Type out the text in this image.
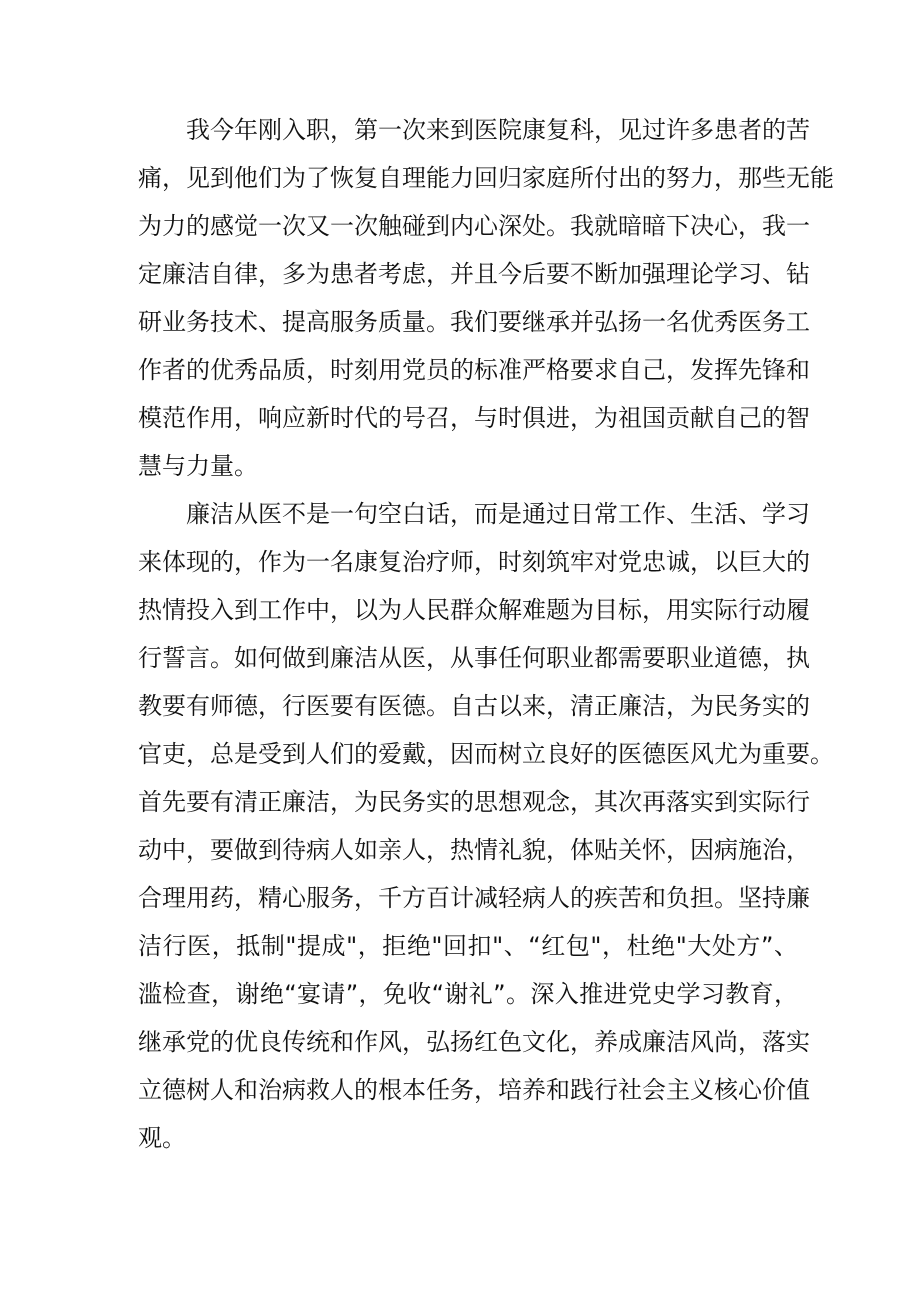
我今年刚入职，第一次来到医院康复科，见过许多患者的苦
痛，见到他们为了恢复自理能力回归家庭所付出的努力，那些无能
为力的感觉一次又一次触碰到内心深处。我就暗暗下决心，我一
定廉洁自律，多为患者考虑，并且今后要不断加强理论学习、钻
研业务技术、提高服务质量。我们要继承并弘扬一名优秀医务工
作者的优秀品质，时刻用党员的标准严格要求自己，发挥先锋和
模范作用，响应新时代的号召，与时俱进，为祖国贡献自己的智
慧与力量。
廉洁从医不是一句空白话，而是通过日常工作、生活、学习
来体现的，作为一名康复治疗师，时刻筑牢对党忠诚，以巨大的
热情投入到工作中，以为人民群众解难题为目标，用实际行动履
行誓言。如何做到廉洁从医，从事任何职业都需要职业道德，执
教要有师德，行医要有医德。自古以来，清正廉洁，为民务实的
官吏，总是受到人们的爱戴，因而树立良好的医德医风尤为重要。
首先要有清正廉洁，为民务实的思想观念，其次再落实到实际行
动中，要做到待病人如亲人，热情礼貌，体贴关怀，因病施治，
合理用药，精心服务，千方百计减轻病人的疾苦和负担。坚持廉
洁行医，抵制"提成"，拒绝"回扣"、“红包"，杜绝"大处方”、
滥检查，谢绝“宴请”，免收“谢礼”。深入推进党史学习教育，
继承党的优良传统和作风，弘扬红色文化，养成廉洁风尚，落实
立德树人和治病救人的根本任务，培养和践行社会主义核心价值
观。
